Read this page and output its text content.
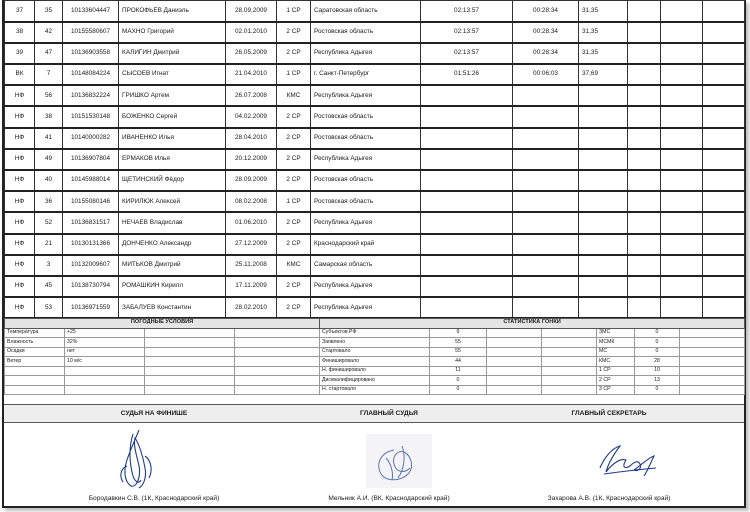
37	35	10133604447	ПРОКОФЬЕВ Даниэль	28.09.2009	1 СР	Саратовская область	02:13:57	00:28:34	31,35			
38	42	10155580607	МАХНО Григорий	02.01.2010	2 СР	Ростовская область	02:13:57	00:28:34	31,35			
39	47	10136903558	КАЛИГИН Дмитрий	26.05.2009	2 СР	Республика Адыгея	02:13:57	00:28:34	31,35			
ВК	7	10148084224	СЫСОЕВ Игнат	21.04.2010	1 СР	г. Санкт-Петербург	01:51:26	00:06:03	37,69			
НФ	56	10136832224	ГРИШКО Артем	26.07.2008	КМС	Республика Адыгея						
НФ	38	10151530148	БОЖЕНКО Сергей	04.02.2009	2 СР	Ростовская область						
НФ	41	10140000282	ИВАНЕНКО Илья	28.04.2010	2 СР	Ростовская область						
НФ	49	10136907804	ЕРМАКОВ Илья	20.12.2009	2 СР	Республика Адыгея						
НФ	40	10145988014	ЩЕТИНСКИЙ Фёдор	28.09.2009	2 СР	Ростовская область						
НФ	36	10155080146	КИРИЛЮК Алексей	08.02.2008	1 СР	Ростовская область						
НФ	52	10136831517	НЕЧАЕВ Владислав	01.06.2010	2 СР	Республика Адыгея						
НФ	21	10130131366	ДОНЧЕНКО Александр	27.12.2009	2 СР	Краснодарский край						
НФ	3	10132009607	МИТЬКОВ Дмитрий	25.11.2008	КМС	Самарская область						
НФ	45	10138730794	РОМАШКИН Кирилл	17.11.2009	2 СР	Республика Адыгея						
НФ	53	10136971559	ЗАБАЛУЕВ Константин	28.02.2010	2 СР	Республика Адыгея						
ПОГОДНЫЕ УСЛОВИЯ			
Температура	+25		
Влажность	32%		
Осадки	нет		
Ветер	10 м/с		

СТАТИСТИКА ГОНКИ						
Субъектов РФ	9			ЗМС	0	
Заявлено	55			МСМК	0	
Стартовало	55			МС	0	
Финишировало	44			КМС	28	
Н. финишировало	11			1 СР	10	
Дисквалифицировано	0			2 СР	13	
Н. стартовало	0			3 СР	0	
СУДЬЯ НА ФИНИШЕ	ГЛАВНЫЙ СУДЬЯ	ГЛАВНЫЙ СЕКРЕТАРЬ
Бородавкин С.В. (1К, Краснодарский край)	Мельник А.И. (ВК, Краснодарский край)	Захарова А.В. (1К, Краснодарский край)
